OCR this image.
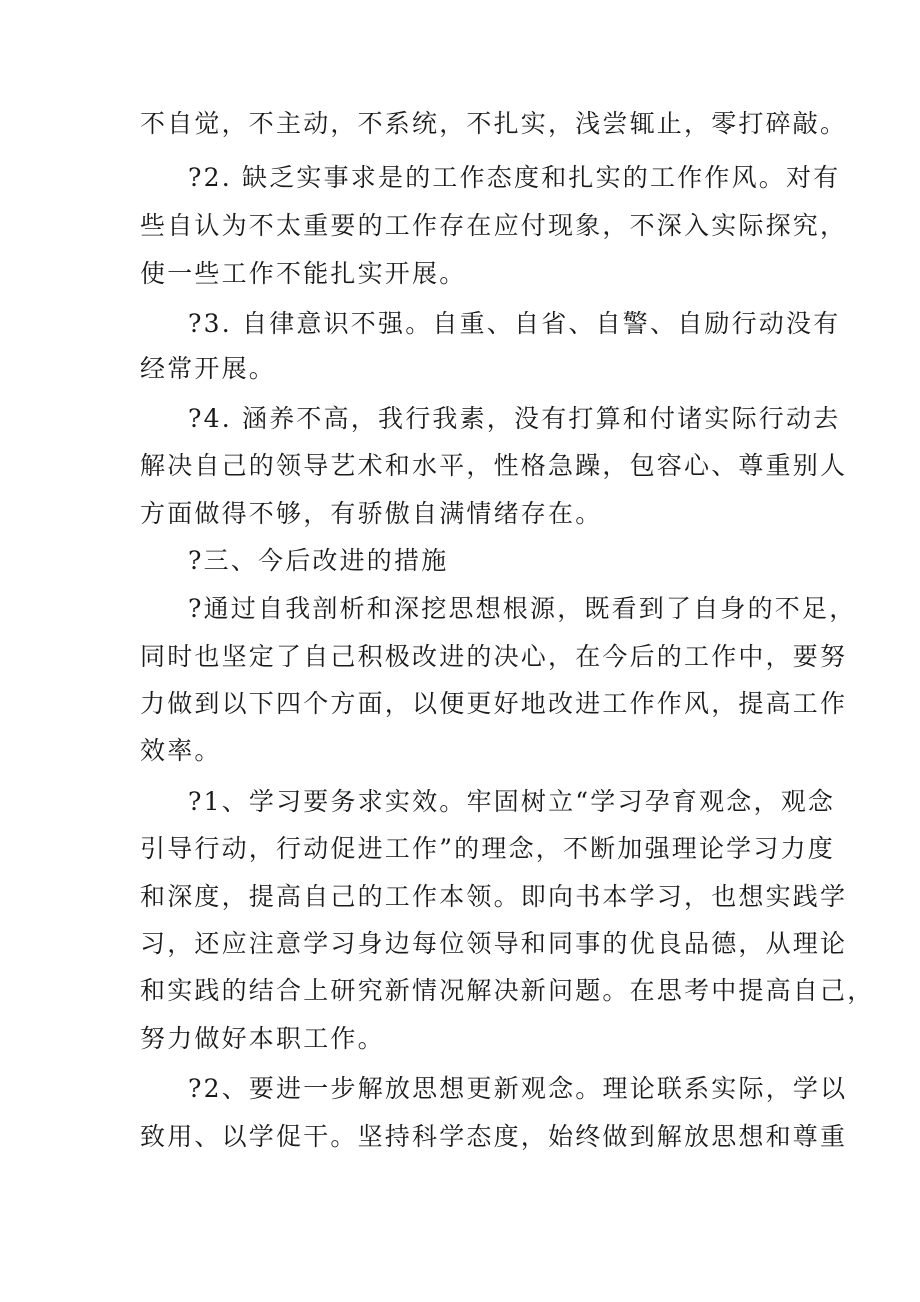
不自觉，不主动，不系统，不扎实，浅尝辄止，零打碎敲。
?2. 缺乏实事求是的工作态度和扎实的工作作风。对有
些自认为不太重要的工作存在应付现象，不深入实际探究，
使一些工作不能扎实开展。
?3. 自律意识不强。自重、自省、自警、自励行动没有
经常开展。
?4. 涵养不高，我行我素，没有打算和付诸实际行动去
解决自己的领导艺术和水平，性格急躁，包容心、尊重别人
方面做得不够，有骄傲自满情绪存在。
?三、今后改进的措施
?通过自我剖析和深挖思想根源，既看到了自身的不足，
同时也坚定了自己积极改进的决心，在今后的工作中，要努
力做到以下四个方面，以便更好地改进工作作风，提高工作
效率。
?1、学习要务求实效。牢固树立“学习孕育观念，观念
引导行动，行动促进工作”的理念，不断加强理论学习力度
和深度，提高自己的工作本领。即向书本学习，也想实践学
习，还应注意学习身边每位领导和同事的优良品德，从理论
和实践的结合上研究新情况解决新问题。在思考中提高自己，
努力做好本职工作。
?2、要进一步解放思想更新观念。理论联系实际，学以
致用、以学促干。坚持科学态度，始终做到解放思想和尊重
